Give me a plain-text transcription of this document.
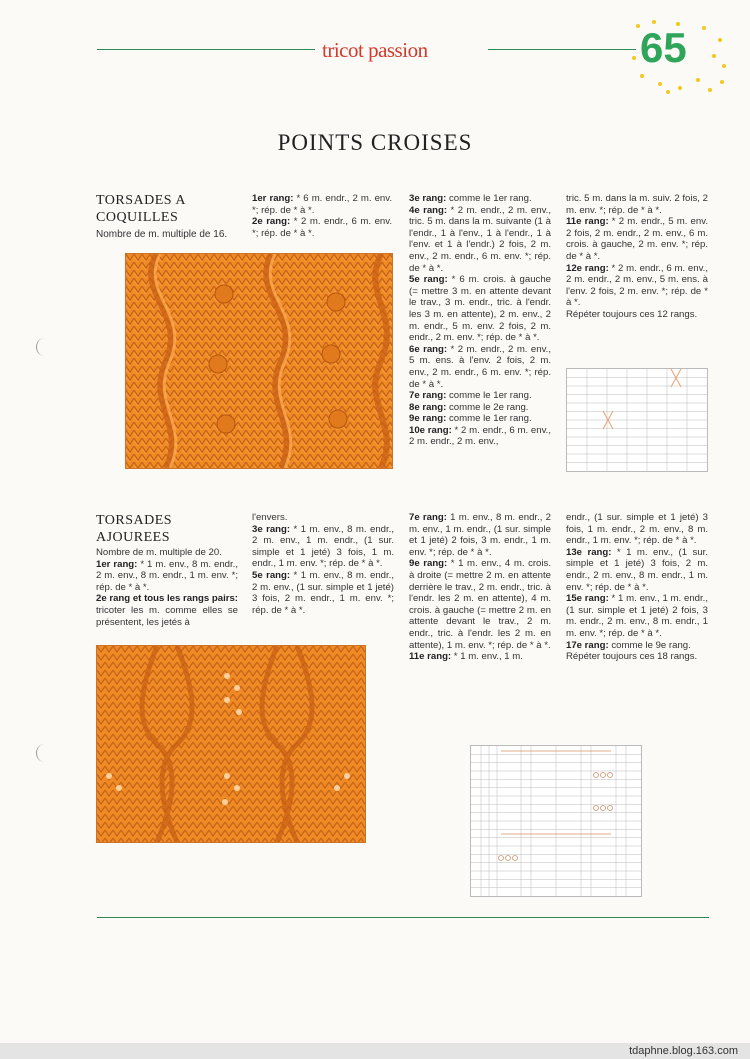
tricot passion	65
POINTS CROISES
TORSADES A
COQUILLES
Nombre de m. multiple de 16.

1er rang: * 6 m. endr., 2 m. env. *; rép. de * à *.

2e rang: * 2 m. endr., 6 m. env. *; rép. de * à *.

3e rang: comme le 1er rang.

4e rang: * 2 m. endr., 2 m. env., tric. 5 m. dans la m. suivante (1 à l'endr., 1 à l'env., 1 à l'endr., 1 à l'env. et 1 à l'endr.) 2 fois, 2 m. env., 2 m. endr., 6 m. env. *; rép. de * à *.

5e rang: * 6 m. crois. à gauche (= mettre 3 m. en attente devant le trav., 3 m. endr., tric. à l'endr. les 3 m. en attente), 2 m. env., 2 m. endr., 5 m. env. 2 fois, 2 m. endr., 2 m. env. *; rép. de * à *.

6e rang: * 2 m. endr., 2 m. env., 5 m. ens. à l'env. 2 fois, 2 m. env., 2 m. endr., 6 m. env. *; rép. de * à *.

7e rang: comme le 1er rang.

8e rang: comme le 2e rang.

9e rang: comme le 1er rang.

10e rang: * 2 m. endr., 6 m. env., 2 m. endr., 2 m. env.,

tric. 5 m. dans la m. suiv. 2 fois, 2 m. env. *; rép. de * à *.

11e rang: * 2 m. endr., 5 m. env. 2 fois, 2 m. endr., 2 m. env., 6 m. crois. à gauche, 2 m. env. *; rép. de * à *.

12e rang: * 2 m. endr., 6 m. env., 2 m. endr., 2 m. env., 5 m. ens. à l'env. 2 fois, 2 m. env. *; rép. de * à *.

Répéter toujours ces 12 rangs.

TORSADES
AJOUREES

Nombre de m. multiple de 20.

1er rang: * 1 m. env., 8 m. endr., 2 m. env., 8 m. endr., 1 m. env. *; rép. de * à *.

2e rang et tous les rangs pairs: tricoter les m. comme elles se présentent, les jetés à

l'envers.

3e rang: * 1 m. env., 8 m. endr., 2 m. env., 1 m. endr., (1 sur. simple et 1 jeté) 3 fois, 1 m. endr., 1 m. env. *; rép. de * à *.

5e rang: * 1 m. env., 8 m. endr., 2 m. env., (1 sur. simple et 1 jeté) 3 fois, 2 m. endr., 1 m. env. *; rép. de * à *.

7e rang: 1 m. env., 8 m. endr., 2 m. env., 1 m. endr., (1 sur. simple et 1 jeté) 2 fois, 3 m. endr., 1 m. env. *; rép. de * à *.

9e rang: * 1 m. env., 4 m. crois. à droite (= mettre 2 m. en attente derrière le trav., 2 m. endr., tric. à l'endr. les 2 m. en attente), 4 m. crois. à gauche (= mettre 2 m. en attente devant le trav., 2 m. endr., tric. à l'endr. les 2 m. en attente), 1 m. env. *; rép. de * à *.

11e rang: * 1 m. env., 1 m.

endr., (1 sur. simple et 1 jeté) 3 fois, 1 m. endr., 2 m. env., 8 m. endr., 1 m. env. *; rép. de * à *.

13e rang: * 1 m. env., (1 sur. simple et 1 jeté) 3 fois, 2 m. endr., 2 m. env., 8 m. endr., 1 m. env. *; rép. de * à *.

15e rang: * 1 m. env., 1 m. endr., (1 sur. simple et 1 jeté) 2 fois, 3 m. endr., 2 m. env., 8 m. endr., 1 m. env. *; rép. de * à *.

17e rang: comme le 9e rang.

Répéter toujours ces 18 rangs.

tdaphne.blog.163.com
